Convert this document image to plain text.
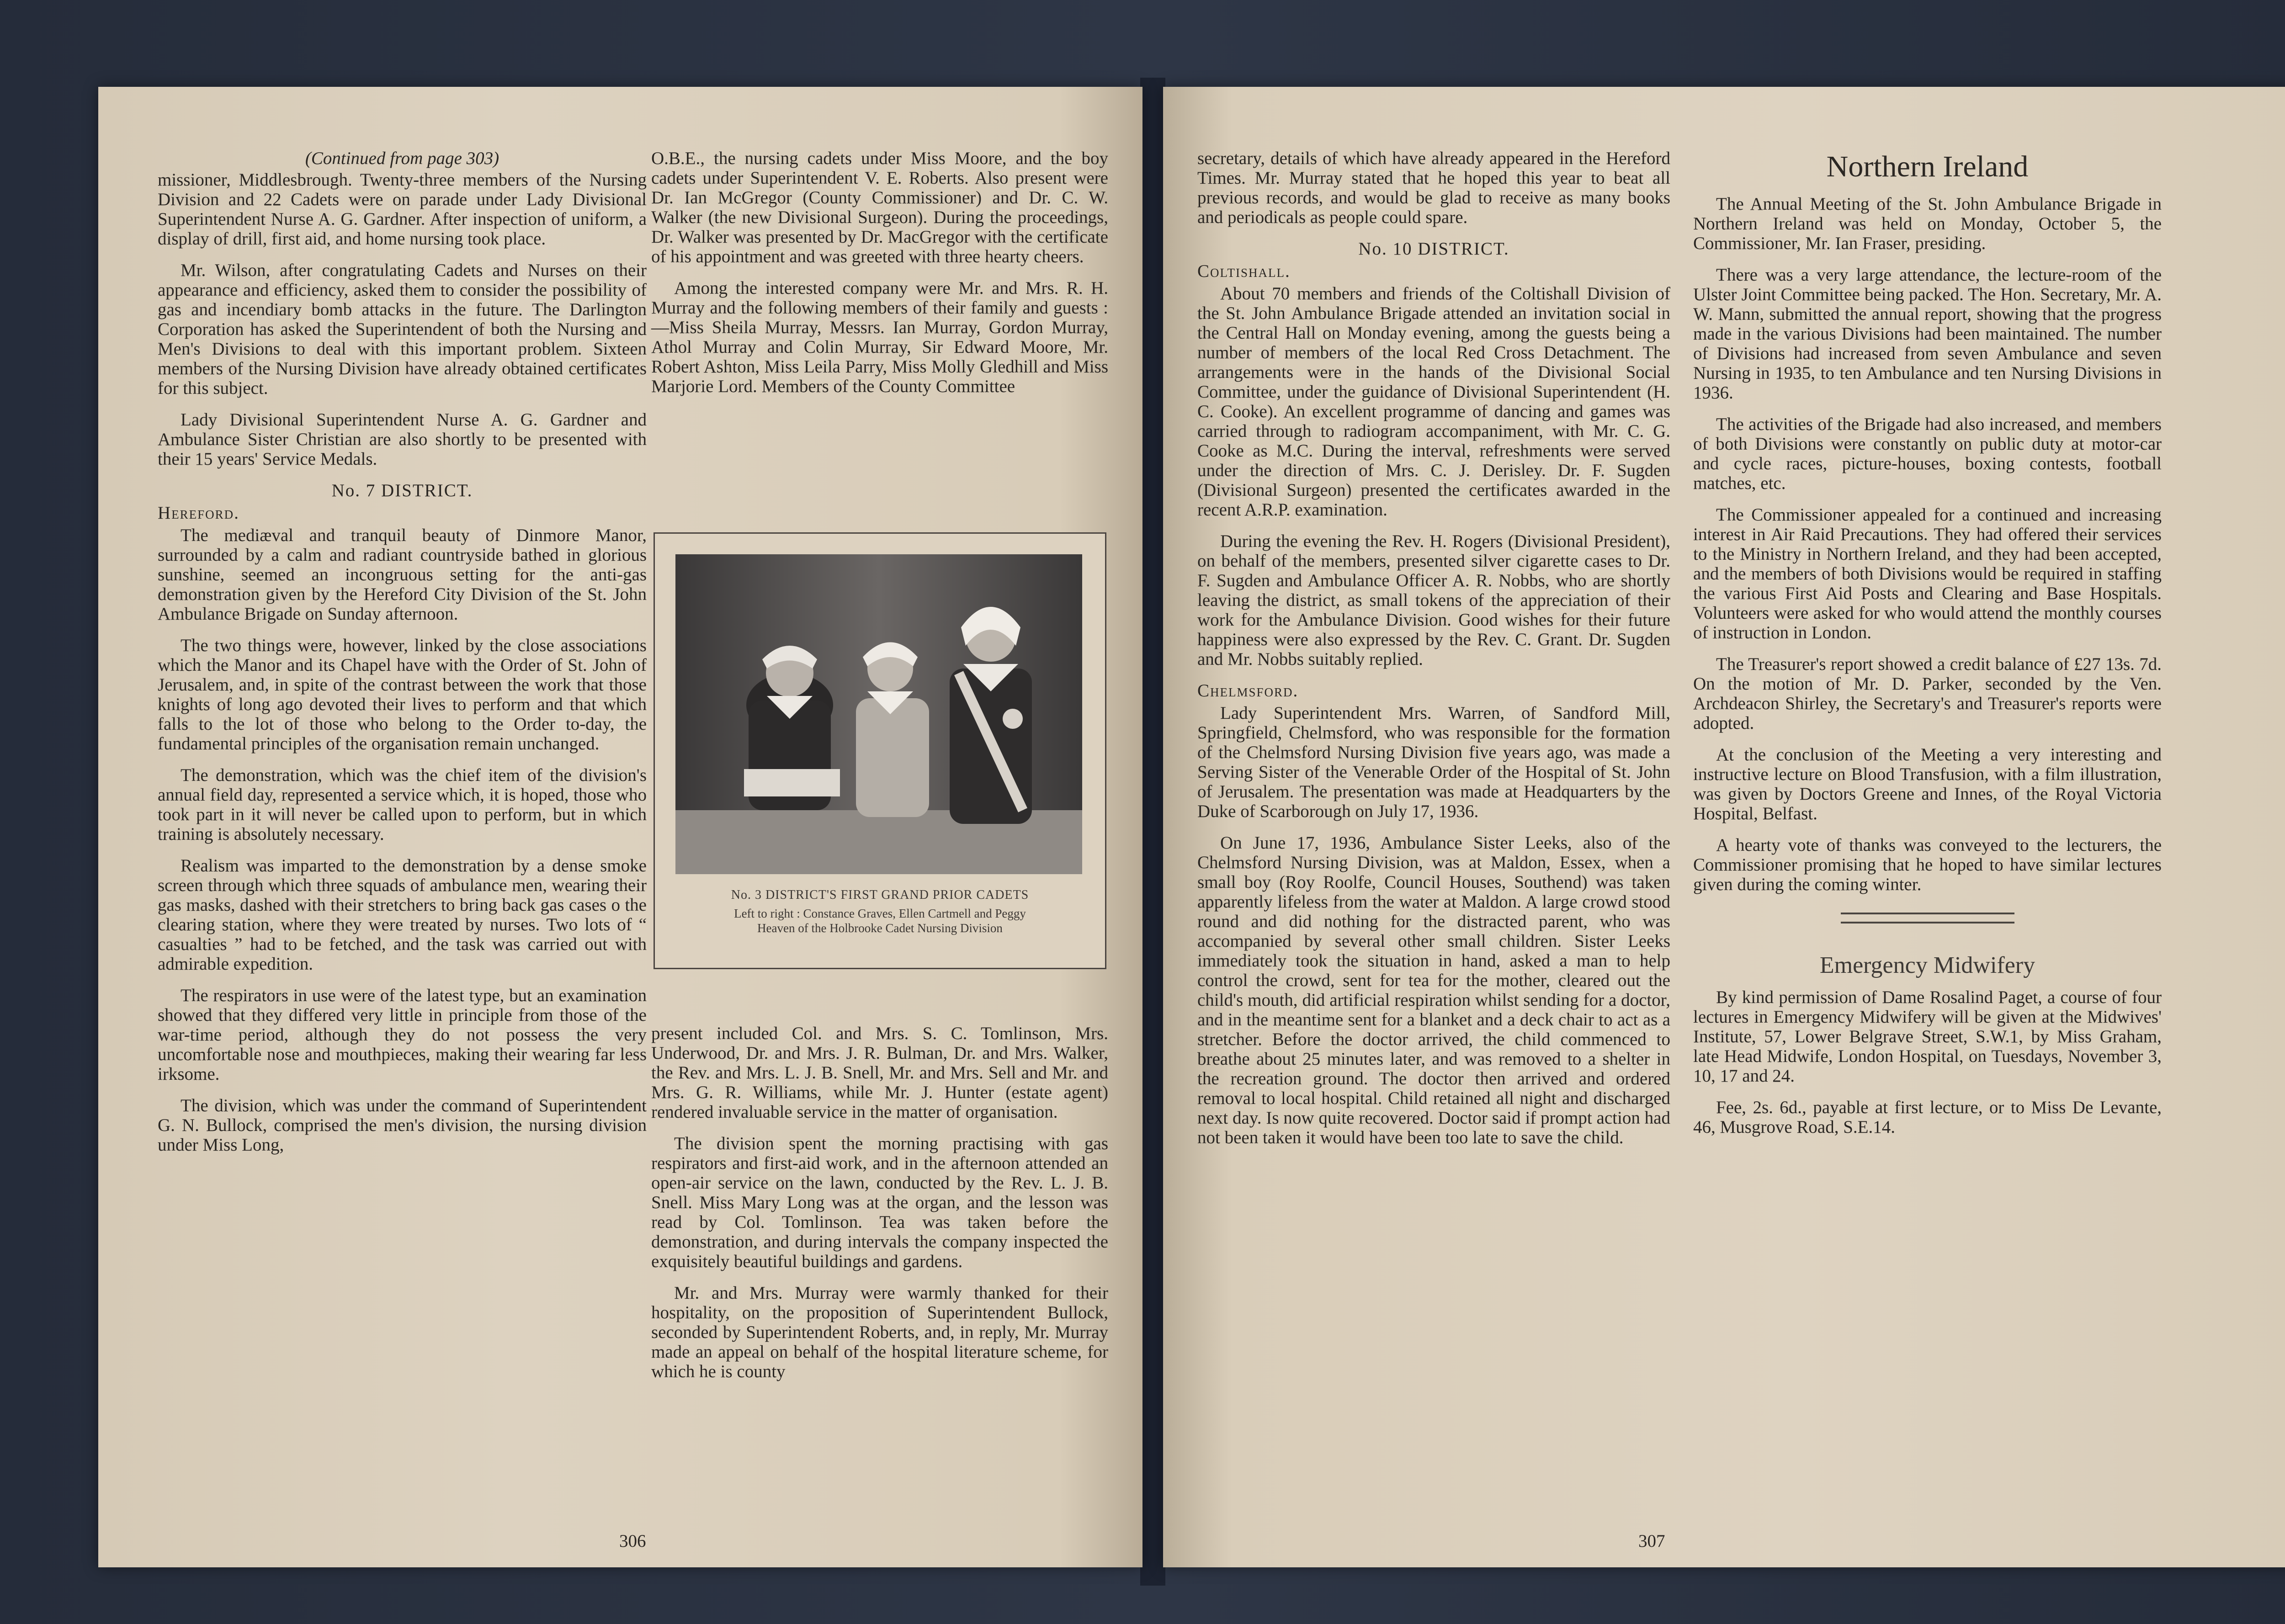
(Continued from page 303)

missioner, Middlesbrough. Twenty-three members of the Nursing Division and 22 Cadets were on parade under Lady Divisional Superintendent Nurse A. G. Gardner. After inspection of uniform, a display of drill, first aid, and home nursing took place.

Mr. Wilson, after congratulating Cadets and Nurses on their appearance and efficiency, asked them to consider the possibility of gas and incendiary bomb attacks in the future. The Darlington Corporation has asked the Superintendent of both the Nursing and Men's Divisions to deal with this important problem. Sixteen members of the Nursing Division have already obtained certificates for this subject.

Lady Divisional Superintendent Nurse A. G. Gardner and Ambulance Sister Christian are also shortly to be presented with their 15 years' Service Medals.

No. 7 DISTRICT.
Hereford.

The mediæval and tranquil beauty of Dinmore Manor, surrounded by a calm and radiant countryside bathed in glorious sunshine, seemed an incongruous setting for the anti-gas demonstration given by the Hereford City Division of the St. John Ambulance Brigade on Sunday afternoon.

The two things were, however, linked by the close associations which the Manor and its Chapel have with the Order of St. John of Jerusalem, and, in spite of the contrast between the work that those knights of long ago devoted their lives to perform and that which falls to the lot of those who belong to the Order to-day, the fundamental principles of the organisation remain unchanged.

The demonstration, which was the chief item of the division's annual field day, represented a service which, it is hoped, those who took part in it will never be called upon to perform, but in which training is absolutely necessary.

Realism was imparted to the demonstration by a dense smoke screen through which three squads of ambulance men, wearing their gas masks, dashed with their stretchers to bring back gas cases o the clearing station, where they were treated by nurses. Two lots of “ casualties ” had to be fetched, and the task was carried out with admirable expedition.

The respirators in use were of the latest type, but an examination showed that they differed very little in principle from those of the war-time period, although they do not possess the very uncomfortable nose and mouthpieces, making their wearing far less irksome.

The division, which was under the command of Superintendent G. N. Bullock, comprised the men's division, the nursing division under Miss Long,

O.B.E., the nursing cadets under Miss Moore, and the boy cadets under Superintendent V. E. Roberts. Also present were Dr. Ian McGregor (County Commissioner) and Dr. C. W. Walker (the new Divisional Surgeon). During the proceedings, Dr. Walker was presented by Dr. MacGregor with the certificate of his appointment and was greeted with three hearty cheers.

Among the interested company were Mr. and Mrs. R. H. Murray and the following members of their family and guests :—Miss Sheila Murray, Messrs. Ian Murray, Gordon Murray, Athol Murray and Colin Murray, Sir Edward Moore, Mr. Robert Ashton, Miss Leila Parry, Miss Molly Gledhill and Miss Marjorie Lord. Members of the County Committee

No. 3 DISTRICT'S FIRST GRAND PRIOR CADETS
Left to right : Constance Graves, Ellen Cartmell and Peggy
Heaven of the Holbrooke Cadet Nursing Division

present included Col. and Mrs. S. C. Tomlinson, Mrs. Underwood, Dr. and Mrs. J. R. Bulman, Dr. and Mrs. Walker, the Rev. and Mrs. L. J. B. Snell, Mr. and Mrs. Sell and Mr. and Mrs. G. R. Williams, while Mr. J. Hunter (estate agent) rendered invaluable service in the matter of organisation.

The division spent the morning practising with gas respirators and first-aid work, and in the afternoon attended an open-air service on the lawn, conducted by the Rev. L. J. B. Snell. Miss Mary Long was at the organ, and the lesson was read by Col. Tomlinson. Tea was taken before the demonstration, and during intervals the company inspected the exquisitely beautiful buildings and gardens.

Mr. and Mrs. Murray were warmly thanked for their hospitality, on the proposition of Superintendent Bullock, seconded by Superintendent Roberts, and, in reply, Mr. Murray made an appeal on behalf of the hospital literature scheme, for which he is county

306

secretary, details of which have already appeared in the Hereford Times. Mr. Murray stated that he hoped this year to beat all previous records, and would be glad to receive as many books and periodicals as people could spare.

No. 10 DISTRICT.
Coltishall.

About 70 members and friends of the Coltishall Division of the St. John Ambulance Brigade attended an invitation social in the Central Hall on Monday evening, among the guests being a number of members of the local Red Cross Detachment. The arrangements were in the hands of the Divisional Social Committee, under the guidance of Divisional Superintendent (H. C. Cooke). An excellent programme of dancing and games was carried through to radiogram accompaniment, with Mr. C. G. Cooke as M.C. During the interval, refreshments were served under the direction of Mrs. C. J. Derisley. Dr. F. Sugden (Divisional Surgeon) presented the certificates awarded in the recent A.R.P. examination.

During the evening the Rev. H. Rogers (Divisional President), on behalf of the members, presented silver cigarette cases to Dr. F. Sugden and Ambulance Officer A. R. Nobbs, who are shortly leaving the district, as small tokens of the appreciation of their work for the Ambulance Division. Good wishes for their future happiness were also expressed by the Rev. C. Grant. Dr. Sugden and Mr. Nobbs suitably replied.

Chelmsford.

Lady Superintendent Mrs. Warren, of Sandford Mill, Springfield, Chelmsford, who was responsible for the formation of the Chelmsford Nursing Division five years ago, was made a Serving Sister of the Venerable Order of the Hospital of St. John of Jerusalem. The presentation was made at Headquarters by the Duke of Scarborough on July 17, 1936.

On June 17, 1936, Ambulance Sister Leeks, also of the Chelmsford Nursing Division, was at Maldon, Essex, when a small boy (Roy Roolfe, Council Houses, Southend) was taken apparently lifeless from the water at Maldon. A large crowd stood round and did nothing for the distracted parent, who was accompanied by several other small children. Sister Leeks immediately took the situation in hand, asked a man to help control the crowd, sent for tea for the mother, cleared out the child's mouth, did artificial respiration whilst sending for a doctor, and in the meantime sent for a blanket and a deck chair to act as a stretcher. Before the doctor arrived, the child commenced to breathe about 25 minutes later, and was removed to a shelter in the recreation ground. The doctor then arrived and ordered removal to local hospital. Child retained all night and discharged next day. Is now quite recovered. Doctor said if prompt action had not been taken it would have been too late to save the child.

Northern Ireland

The Annual Meeting of the St. John Ambulance Brigade in Northern Ireland was held on Monday, October 5, the Commissioner, Mr. Ian Fraser, presiding.

There was a very large attendance, the lecture-room of the Ulster Joint Committee being packed. The Hon. Secretary, Mr. A. W. Mann, submitted the annual report, showing that the progress made in the various Divisions had been maintained. The number of Divisions had increased from seven Ambulance and seven Nursing in 1935, to ten Ambulance and ten Nursing Divisions in 1936.

The activities of the Brigade had also increased, and members of both Divisions were constantly on public duty at motor-car and cycle races, picture-houses, boxing contests, football matches, etc.

The Commissioner appealed for a continued and increasing interest in Air Raid Precautions. They had offered their services to the Ministry in Northern Ireland, and they had been accepted, and the members of both Divisions would be required in staffing the various First Aid Posts and Clearing and Base Hospitals. Volunteers were asked for who would attend the monthly courses of instruction in London.

The Treasurer's report showed a credit balance of £27 13s. 7d. On the motion of Mr. D. Parker, seconded by the Ven. Archdeacon Shirley, the Secretary's and Treasurer's reports were adopted.

At the conclusion of the Meeting a very interesting and instructive lecture on Blood Transfusion, with a film illustration, was given by Doctors Greene and Innes, of the Royal Victoria Hospital, Belfast.

A hearty vote of thanks was conveyed to the lecturers, the Commissioner promising that he hoped to have similar lectures given during the coming winter.

Emergency Midwifery

By kind permission of Dame Rosalind Paget, a course of four lectures in Emergency Midwifery will be given at the Midwives' Institute, 57, Lower Belgrave Street, S.W.1, by Miss Graham, late Head Midwife, London Hospital, on Tuesdays, November 3, 10, 17 and 24.

Fee, 2s. 6d., payable at first lecture, or to Miss De Levante, 46, Musgrove Road, S.E.14.

307
